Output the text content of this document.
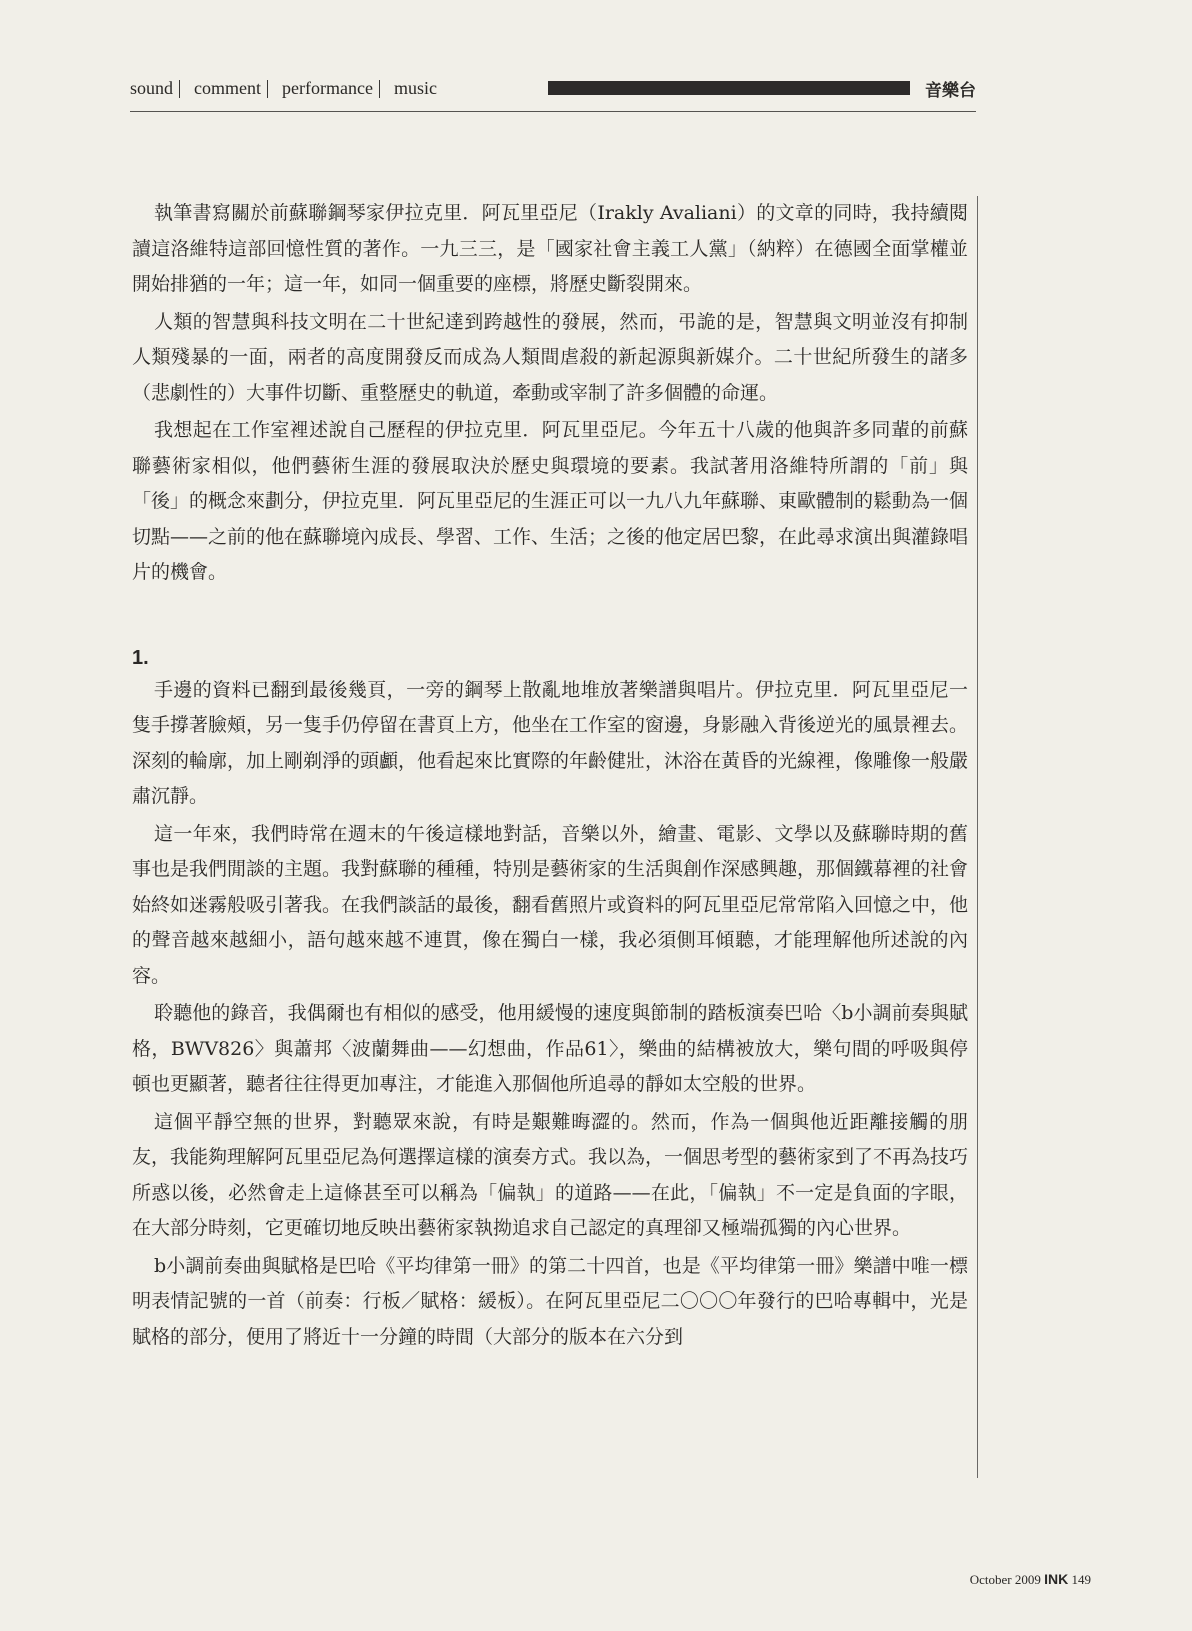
sound comment performance music	音樂台

執筆書寫關於前蘇聯鋼琴家伊拉克里．阿瓦里亞尼（Irakly Avaliani）的文章的同時，我持續閱讀這洛維特這部回憶性質的著作。一九三三，是「國家社會主義工人黨」（納粹）在德國全面掌權並開始排猶的一年；這一年，如同一個重要的座標，將歷史斷裂開來。

人類的智慧與科技文明在二十世紀達到跨越性的發展，然而，弔詭的是，智慧與文明並沒有抑制人類殘暴的一面，兩者的高度開發反而成為人類間虐殺的新起源與新媒介。二十世紀所發生的諸多（悲劇性的）大事件切斷、重整歷史的軌道，牽動或宰制了許多個體的命運。

我想起在工作室裡述說自己歷程的伊拉克里．阿瓦里亞尼。今年五十八歲的他與許多同輩的前蘇聯藝術家相似，他們藝術生涯的發展取決於歷史與環境的要素。我試著用洛維特所謂的「前」與「後」的概念來劃分，伊拉克里．阿瓦里亞尼的生涯正可以一九八九年蘇聯、東歐體制的鬆動為一個切點——之前的他在蘇聯境內成長、學習、工作、生活；之後的他定居巴黎，在此尋求演出與灌錄唱片的機會。

1.

手邊的資料已翻到最後幾頁，一旁的鋼琴上散亂地堆放著樂譜與唱片。伊拉克里．阿瓦里亞尼一隻手撐著臉頰，另一隻手仍停留在書頁上方，他坐在工作室的窗邊，身影融入背後逆光的風景裡去。深刻的輪廓，加上剛剃淨的頭顱，他看起來比實際的年齡健壯，沐浴在黃昏的光線裡，像雕像一般嚴肅沉靜。

這一年來，我們時常在週末的午後這樣地對話，音樂以外，繪畫、電影、文學以及蘇聯時期的舊事也是我們閒談的主題。我對蘇聯的種種，特別是藝術家的生活與創作深感興趣，那個鐵幕裡的社會始終如迷霧般吸引著我。在我們談話的最後，翻看舊照片或資料的阿瓦里亞尼常常陷入回憶之中，他的聲音越來越細小，語句越來越不連貫，像在獨白一樣，我必須側耳傾聽，才能理解他所述說的內容。

聆聽他的錄音，我偶爾也有相似的感受，他用緩慢的速度與節制的踏板演奏巴哈〈b小調前奏與賦格，BWV826〉與蕭邦〈波蘭舞曲——幻想曲，作品61〉，樂曲的結構被放大，樂句間的呼吸與停頓也更顯著，聽者往往得更加專注，才能進入那個他所追尋的靜如太空般的世界。

這個平靜空無的世界，對聽眾來說，有時是艱難晦澀的。然而，作為一個與他近距離接觸的朋友，我能夠理解阿瓦里亞尼為何選擇這樣的演奏方式。我以為，一個思考型的藝術家到了不再為技巧所惑以後，必然會走上這條甚至可以稱為「偏執」的道路——在此，「偏執」不一定是負面的字眼，在大部分時刻，它更確切地反映出藝術家執拗追求自己認定的真理卻又極端孤獨的內心世界。

b小調前奏曲與賦格是巴哈《平均律第一冊》的第二十四首，也是《平均律第一冊》樂譜中唯一標明表情記號的一首（前奏：行板／賦格：緩板）。在阿瓦里亞尼二〇〇〇年發行的巴哈專輯中，光是賦格的部分，便用了將近十一分鐘的時間（大部分的版本在六分到

October 2009 INK 149
